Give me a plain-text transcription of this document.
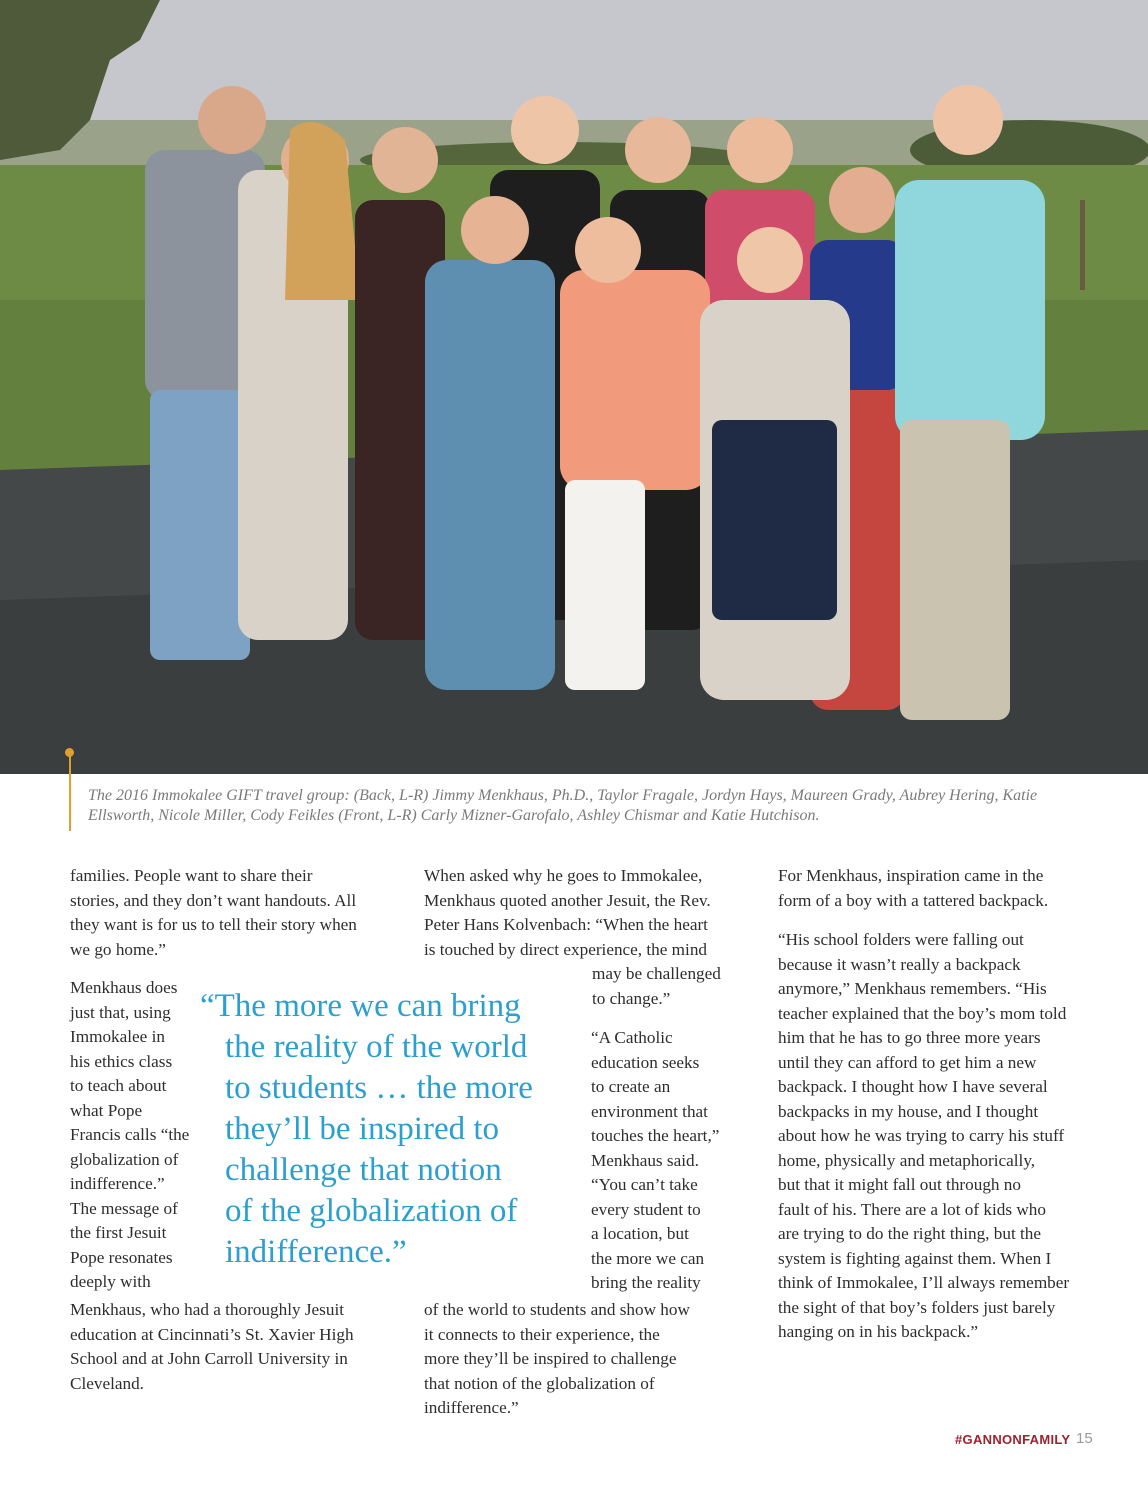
The 2016 Immokalee GIFT travel group: (Back, L-R) Jimmy Menkhaus, Ph.D., Taylor Fragale, Jordyn Hays, Maureen Grady, Aubrey Hering, Katie Ellsworth, Nicole Miller, Cody Feikles (Front, L-R) Carly Mizner-Garofalo, Ashley Chismar and Katie Hutchison.
families. People want to share their
stories, and they don’t want handouts. All
they want is for us to tell their story when
we go home.”
Menkhaus does
just that, using
Immokalee in
his ethics class
to teach about
what Pope
Francis calls “the
globalization of
indifference.”
The message of
the first Jesuit
Pope resonates
deeply with
Menkhaus, who had a thoroughly Jesuit
education at Cincinnati’s St. Xavier High
School and at John Carroll University in
Cleveland.
“The more we can bring
the reality of the world
to students … the more
they’ll be inspired to
challenge that notion
of the globalization of
indifference.”
When asked why he goes to Immokalee,
Menkhaus quoted another Jesuit, the Rev.
Peter Hans Kolvenbach: “When the heart
is touched by direct experience, the mind
may be challenged
to change.”
“A Catholic
education seeks
to create an
environment that
touches the heart,”
Menkhaus said.
“You can’t take
every student to
a location, but
the more we can
bring the reality
of the world to students and show how
it connects to their experience, the
more they’ll be inspired to challenge
that notion of the globalization of
indifference.”
For Menkhaus, inspiration came in the
form of a boy with a tattered backpack.
“His school folders were falling out
because it wasn’t really a backpack
anymore,” Menkhaus remembers. “His
teacher explained that the boy’s mom told
him that he has to go three more years
until they can afford to get him a new
backpack. I thought how I have several
backpacks in my house, and I thought
about how he was trying to carry his stuff
home, physically and metaphorically,
but that it might fall out through no
fault of his. There are a lot of kids who
are trying to do the right thing, but the
system is fighting against them. When I
think of Immokalee, I’ll always remember
the sight of that boy’s folders just barely
hanging on in his backpack.”
#GANNONFAMILY 15
